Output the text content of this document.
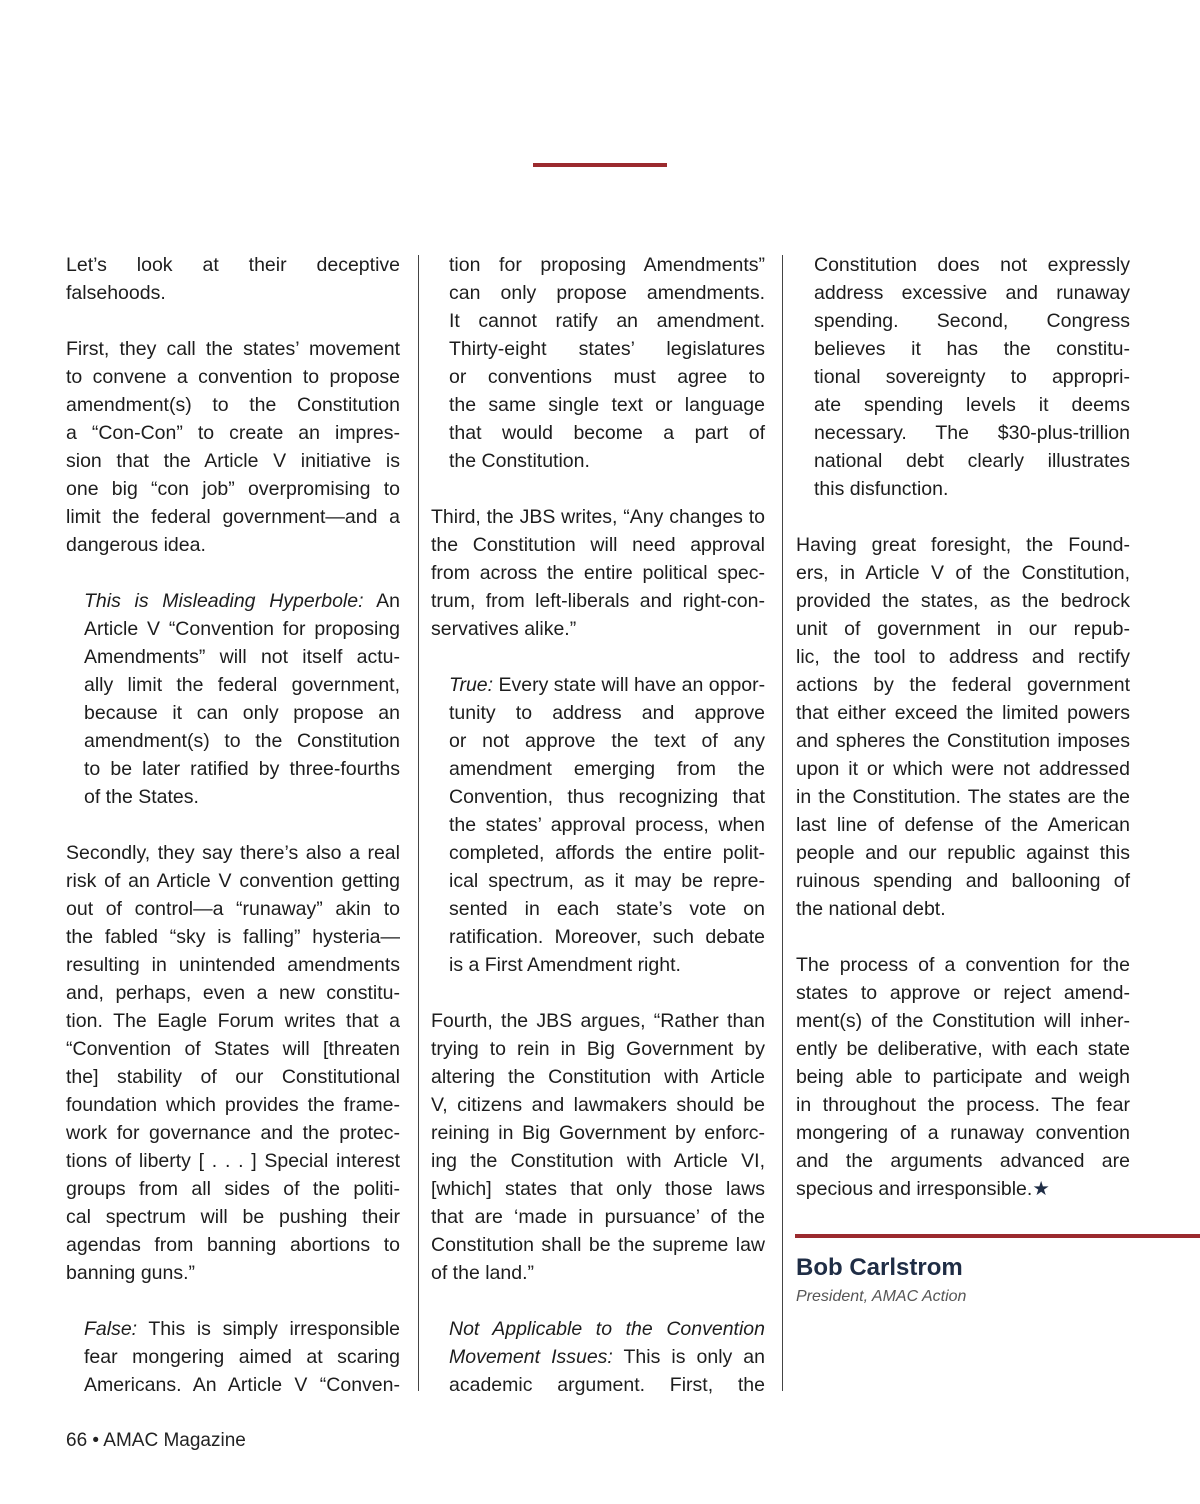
Let’s look at their deceptive
falsehoods.
First, they call the states’ movement
to convene a convention to propose
amendment(s) to the Constitution
a “Con-Con” to create an impres-
sion that the Article V initiative is
one big “con job” overpromising to
limit the federal government—and a
dangerous idea.
This is Misleading Hyperbole: An
Article V “Convention for proposing
Amendments” will not itself actu-
ally limit the federal government,
because it can only propose an
amendment(s) to the Constitution
to be later ratified by three-fourths
of the States.
Secondly, they say there’s also a real
risk of an Article V convention getting
out of control—a “runaway” akin to
the fabled “sky is falling” hysteria—
resulting in unintended amendments
and, perhaps, even a new constitu-
tion. The Eagle Forum writes that a
“Convention of States will [threaten
the] stability of our Constitutional
foundation which provides the frame-
work for governance and the protec-
tions of liberty [ . . . ] Special interest
groups from all sides of the politi-
cal spectrum will be pushing their
agendas from banning abortions to
banning guns.”
False: This is simply irresponsible
fear mongering aimed at scaring
Americans. An Article V “Conven-
tion for proposing Amendments”
can only propose amendments.
It cannot ratify an amendment.
Thirty-eight states’ legislatures
or conventions must agree to
the same single text or language
that would become a part of
the Constitution.
Third, the JBS writes, “Any changes to
the Constitution will need approval
from across the entire political spec-
trum, from left-liberals and right-con-
servatives alike.”
True: Every state will have an oppor-
tunity to address and approve
or not approve the text of any
amendment emerging from the
Convention, thus recognizing that
the states’ approval process, when
completed, affords the entire polit-
ical spectrum, as it may be repre-
sented in each state’s vote on
ratification. Moreover, such debate
is a First Amendment right.
Fourth, the JBS argues, “Rather than
trying to rein in Big Government by
altering the Constitution with Article
V, citizens and lawmakers should be
reining in Big Government by enforc-
ing the Constitution with Article VI,
[which] states that only those laws
that are ‘made in pursuance’ of the
Constitution shall be the supreme law
of the land.”
Not Applicable to the Convention
Movement Issues: This is only an
academic argument. First, the
Constitution does not expressly
address excessive and runaway
spending. Second, Congress
believes it has the constitu-
tional sovereignty to appropri-
ate spending levels it deems
necessary. The $30-plus-trillion
national debt clearly illustrates
this disfunction.
Having great foresight, the Found-
ers, in Article V of the Constitution,
provided the states, as the bedrock
unit of government in our repub-
lic, the tool to address and rectify
actions by the federal government
that either exceed the limited powers
and spheres the Constitution imposes
upon it or which were not addressed
in the Constitution. The states are the
last line of defense of the American
people and our republic against this
ruinous spending and ballooning of
the national debt.
The process of a convention for the
states to approve or reject amend-
ment(s) of the Constitution will inher-
ently be deliberative, with each state
being able to participate and weigh
in throughout the process. The fear
mongering of a runaway convention
and the arguments advanced are
specious and irresponsible.★
Bob Carlstrom
President, AMAC Action
66 • AMAC Magazine
